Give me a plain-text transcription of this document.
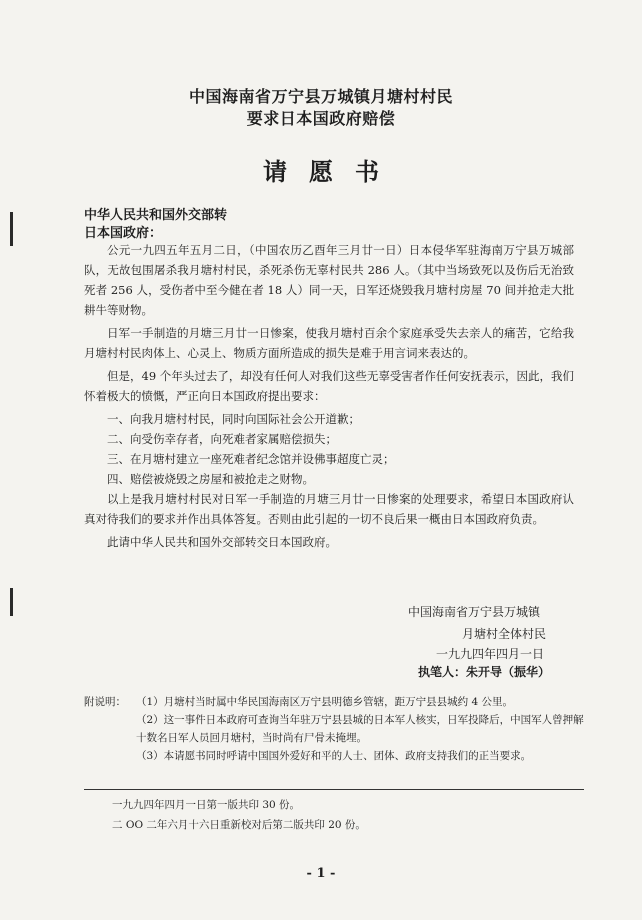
中国海南省万宁县万城镇月塘村村民
要求日本国政府赔偿
请愿书
中华人民共和国外交部转
日本国政府：

公元一九四五年五月二日，（中国农历乙酉年三月廿一日）日本侵华军驻海南万宁县万城部队，无故包围屠杀我月塘村村民，杀死杀伤无辜村民共 286 人。（其中当场致死以及伤后无治致死者 256 人，受伤者中至今健在者 18 人）同一天，日军还烧毁我月塘村房屋 70 间并抢走大批耕牛等财物。

日军一手制造的月塘三月廿一日惨案，使我月塘村百余个家庭承受失去亲人的痛苦，它给我月塘村村民肉体上、心灵上、物质方面所造成的损失是难于用言词来表达的。

但是，49 个年头过去了，却没有任何人对我们这些无辜受害者作任何安抚表示，因此，我们怀着极大的愤慨，严正向日本国政府提出要求：

一、向我月塘村村民，同时向国际社会公开道歉；

二、向受伤幸存者，向死难者家属赔偿损失；

三、在月塘村建立一座死难者纪念馆并设佛事超度亡灵；

四、赔偿被烧毁之房屋和被抢走之财物。

以上是我月塘村村民对日军一手制造的月塘三月廿一日惨案的处理要求，希望日本国政府认真对待我们的要求并作出具体答复。否则由此引起的一切不良后果一概由日本国政府负责。

此请中华人民共和国外交部转交日本国政府。

中国海南省万宁县万城镇
月塘村全体村民
一九九四年四月一日
执笔人：朱开导（振华）
附说明： （1）月塘村当时属中华民国海南区万宁县明德乡管辖，距万宁县县城约 4 公里。
（2）这一事件日本政府可查询当年驻万宁县县城的日本军人核实，日军投降后，中国军人曾押解十数名日军人员回月塘村，当时尚有尸骨未掩埋。
（3）本请愿书同时呼请中国国外爱好和平的人士、团体、政府支持我们的正当要求。
一九九四年四月一日第一版共印 30 份。
二 OO 二年六月十六日重新校对后第二版共印 20 份。
- 1 -
